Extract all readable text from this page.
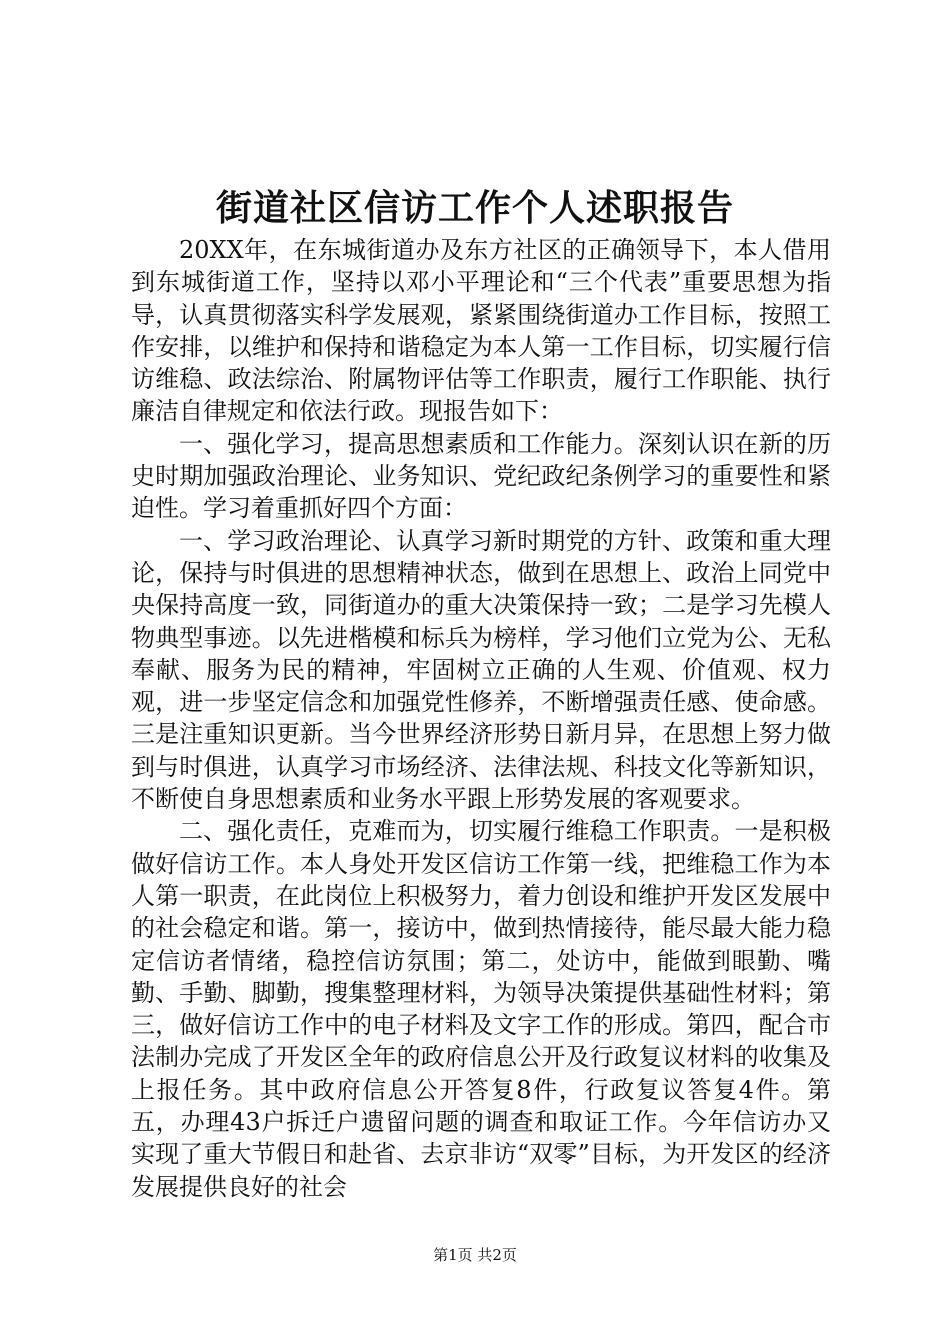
街道社区信访工作个人述职报告

20XX年，在东城街道办及东方社区的正确领导下，本人借用到东城街道工作，坚持以邓小平理论和“三个代表”重要思想为指导，认真贯彻落实科学发展观，紧紧围绕街道办工作目标，按照工作安排，以维护和保持和谐稳定为本人第一工作目标，切实履行信访维稳、政法综治、附属物评估等工作职责，履行工作职能、执行廉洁自律规定和依法行政。现报告如下：

一、强化学习，提高思想素质和工作能力。深刻认识在新的历史时期加强政治理论、业务知识、党纪政纪条例学习的重要性和紧迫性。学习着重抓好四个方面：

一、学习政治理论、认真学习新时期党的方针、政策和重大理论，保持与时俱进的思想精神状态，做到在思想上、政治上同党中央保持高度一致，同街道办的重大决策保持一致；二是学习先模人物典型事迹。以先进楷模和标兵为榜样，学习他们立党为公、无私奉献、服务为民的精神，牢固树立正确的人生观、价值观、权力观，进一步坚定信念和加强党性修养，不断增强责任感、使命感。三是注重知识更新。当今世界经济形势日新月异，在思想上努力做到与时俱进，认真学习市场经济、法律法规、科技文化等新知识，不断使自身思想素质和业务水平跟上形势发展的客观要求。

二、强化责任，克难而为，切实履行维稳工作职责。一是积极做好信访工作。本人身处开发区信访工作第一线，把维稳工作为本人第一职责，在此岗位上积极努力，着力创设和维护开发区发展中的社会稳定和谐。第一，接访中，做到热情接待，能尽最大能力稳定信访者情绪，稳控信访氛围；第二，处访中，能做到眼勤、嘴勤、手勤、脚勤，搜集整理材料，为领导决策提供基础性材料；第三，做好信访工作中的电子材料及文字工作的形成。第四，配合市法制办完成了开发区全年的政府信息公开及行政复议材料的收集及上报任务。其中政府信息公开答复8件，行政复议答复4件。第五，办理43户拆迁户遗留问题的调查和取证工作。今年信访办又实现了重大节假日和赴省、去京非访“双零”目标，为开发区的经济发展提供良好的社会

第1页 共2页
